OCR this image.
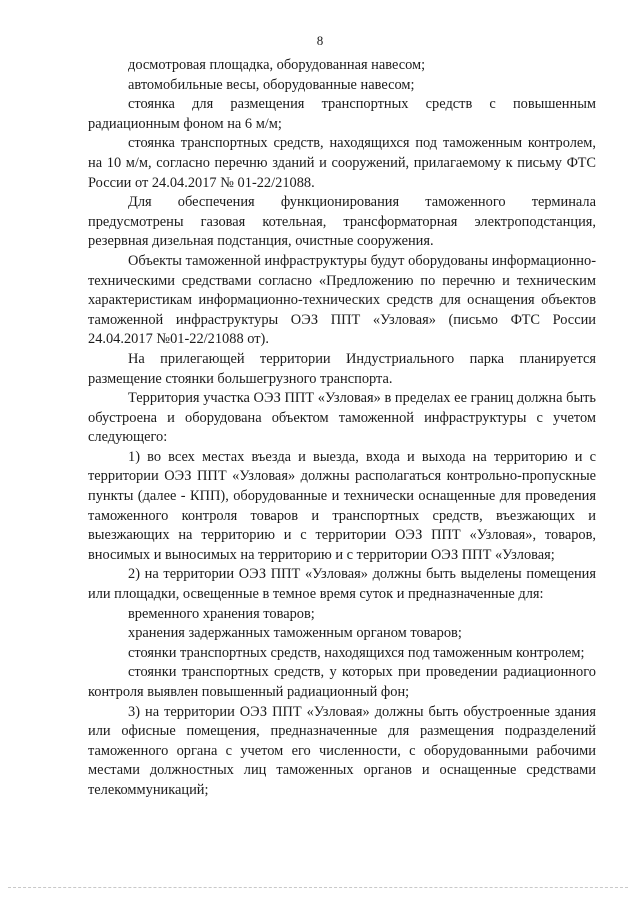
8

досмотровая площадка, оборудованная навесом;

автомобильные весы, оборудованные навесом;

стоянка для размещения транспортных средств с повышенным радиационным фоном на 6 м/м;

стоянка транспортных средств, находящихся под таможенным контролем, на 10 м/м, согласно перечню зданий и сооружений, прилагаемому к письму ФТС России от 24.04.2017 № 01-22/21088.

Для обеспечения функционирования таможенного терминала предусмотрены газовая котельная, трансформаторная электроподстанция, резервная дизельная подстанция, очистные сооружения.

Объекты таможенной инфраструктуры будут оборудованы информационно-техническими средствами согласно «Предложению по перечню и техническим характеристикам информационно-технических средств для оснащения объектов таможенной инфраструктуры ОЭЗ ППТ «Узловая» (письмо ФТС России 24.04.2017 №01-22/21088 от).

На прилегающей территории Индустриального парка планируется размещение стоянки большегрузного транспорта.

Территория участка ОЭЗ ППТ «Узловая» в пределах ее границ должна быть обустроена и оборудована объектом таможенной инфраструктуры с учетом следующего:

1) во всех местах въезда и выезда, входа и выхода на территорию и с территории ОЭЗ ППТ «Узловая» должны располагаться контрольно-пропускные пункты (далее - КПП), оборудованные и технически оснащенные для проведения таможенного контроля товаров и транспортных средств, въезжающих и выезжающих на территорию и с территории ОЭЗ ППТ «Узловая», товаров, вносимых и выносимых на территорию и с территории ОЭЗ ППТ «Узловая;

2) на территории ОЭЗ ППТ «Узловая» должны быть выделены помещения или площадки, освещенные в темное время суток и предназначенные для:

временного хранения товаров;

хранения задержанных таможенным органом товаров;

стоянки транспортных средств, находящихся под таможенным контролем;

стоянки транспортных средств, у которых при проведении радиационного контроля выявлен повышенный радиационный фон;

3) на территории ОЭЗ ППТ «Узловая» должны быть обустроенные здания или офисные помещения, предназначенные для размещения подразделений таможенного органа с учетом его численности, с оборудованными рабочими местами должностных лиц таможенных органов и оснащенные средствами телекоммуникаций;
